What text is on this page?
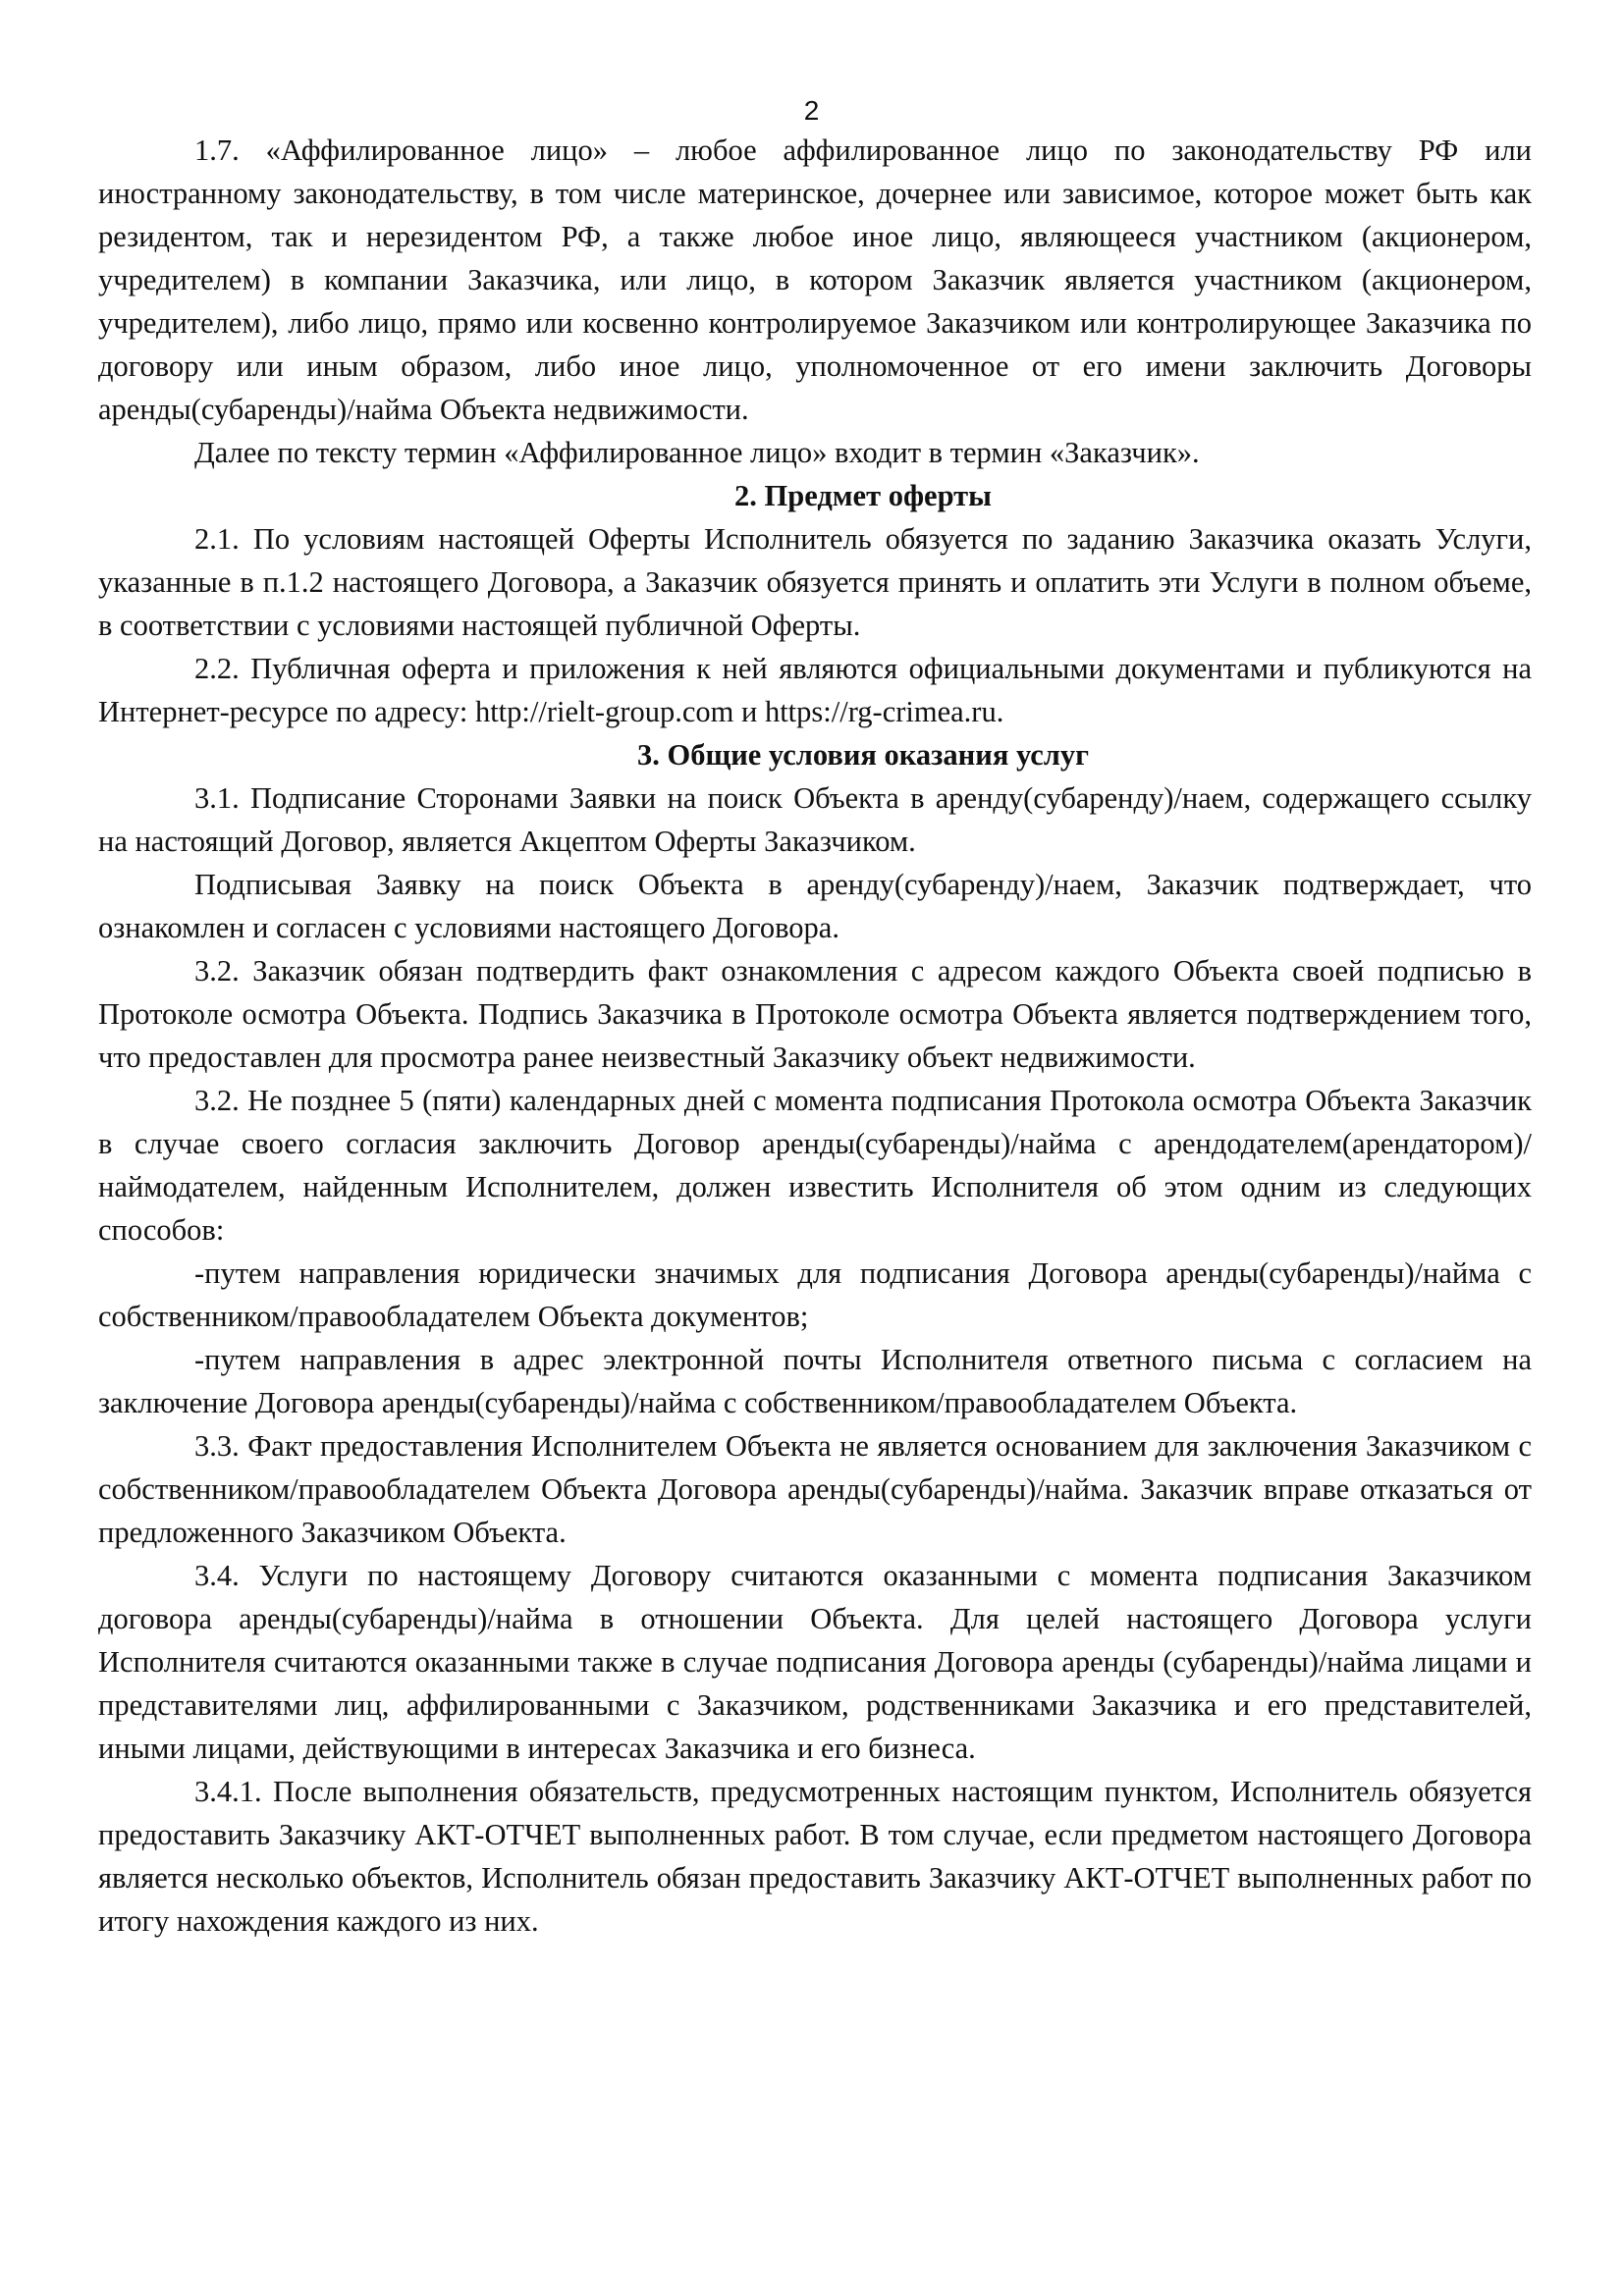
2

1.7. «Аффилированное лицо» – любое аффилированное лицо по законодательству РФ или иностранному законодательству, в том числе материнское, дочернее или зависимое, которое может быть как резидентом, так и нерезидентом РФ, а также любое иное лицо, являющееся участником (акционером, учредителем) в компании Заказчика, или лицо, в котором Заказчик является участником (акционером, учредителем), либо лицо, прямо или косвенно контролируемое Заказчиком или контролирующее Заказчика по договору или иным образом, либо иное лицо, уполномоченное от его имени заключить Договоры аренды(субаренды)/найма Объекта недвижимости.

Далее по тексту термин «Аффилированное лицо» входит в термин «Заказчик».

2. Предмет оферты

2.1. По условиям настоящей Оферты Исполнитель обязуется по заданию Заказчика оказать Услуги, указанные в п.1.2 настоящего Договора, а Заказчик обязуется принять и оплатить эти Услуги в полном объеме, в соответствии с условиями настоящей публичной Оферты.

2.2. Публичная оферта и приложения к ней являются официальными документами и публикуются на Интернет-ресурсе по адресу: http://rielt-group.com и https://rg-crimea.ru.

3. Общие условия оказания услуг

3.1. Подписание Сторонами Заявки на поиск Объекта в аренду(субаренду)/наем, содержащего ссылку на настоящий Договор, является Акцептом Оферты Заказчиком.

Подписывая Заявку на поиск Объекта в аренду(субаренду)/наем, Заказчик подтверждает, что ознакомлен и согласен с условиями настоящего Договора.

3.2. Заказчик обязан подтвердить факт ознакомления с адресом каждого Объекта своей подписью в Протоколе осмотра Объекта. Подпись Заказчика в Протоколе осмотра Объекта является подтверждением того, что предоставлен для просмотра ранее неизвестный Заказчику объект недвижимости.

3.2. Не позднее 5 (пяти) календарных дней с момента подписания Протокола осмотра Объекта Заказчик в случае своего согласия заключить Договор аренды(субаренды)/найма с арендодателем(арендатором)/наймодателем, найденным Исполнителем, должен известить Исполнителя об этом одним из следующих способов:

-путем направления юридически значимых для подписания Договора аренды(субаренды)/найма с собственником/правообладателем Объекта документов;

-путем направления в адрес электронной почты Исполнителя ответного письма с согласием на заключение Договора аренды(субаренды)/найма с собственником/правообладателем Объекта.

3.3. Факт предоставления Исполнителем Объекта не является основанием для заключения Заказчиком с собственником/правообладателем Объекта Договора аренды(субаренды)/найма. Заказчик вправе отказаться от предложенного Заказчиком Объекта.

3.4. Услуги по настоящему Договору считаются оказанными с момента подписания Заказчиком договора аренды(субаренды)/найма в отношении Объекта. Для целей настоящего Договора услуги Исполнителя считаются оказанными также в случае подписания Договора аренды (субаренды)/найма лицами и представителями лиц, аффилированными с Заказчиком, родственниками Заказчика и его представителей, иными лицами, действующими в интересах Заказчика и его бизнеса.

3.4.1. После выполнения обязательств, предусмотренных настоящим пунктом, Исполнитель обязуется предоставить Заказчику АКТ-ОТЧЕТ выполненных работ. В том случае, если предметом настоящего Договора является несколько объектов, Исполнитель обязан предоставить Заказчику АКТ-ОТЧЕТ выполненных работ по итогу нахождения каждого из них.
